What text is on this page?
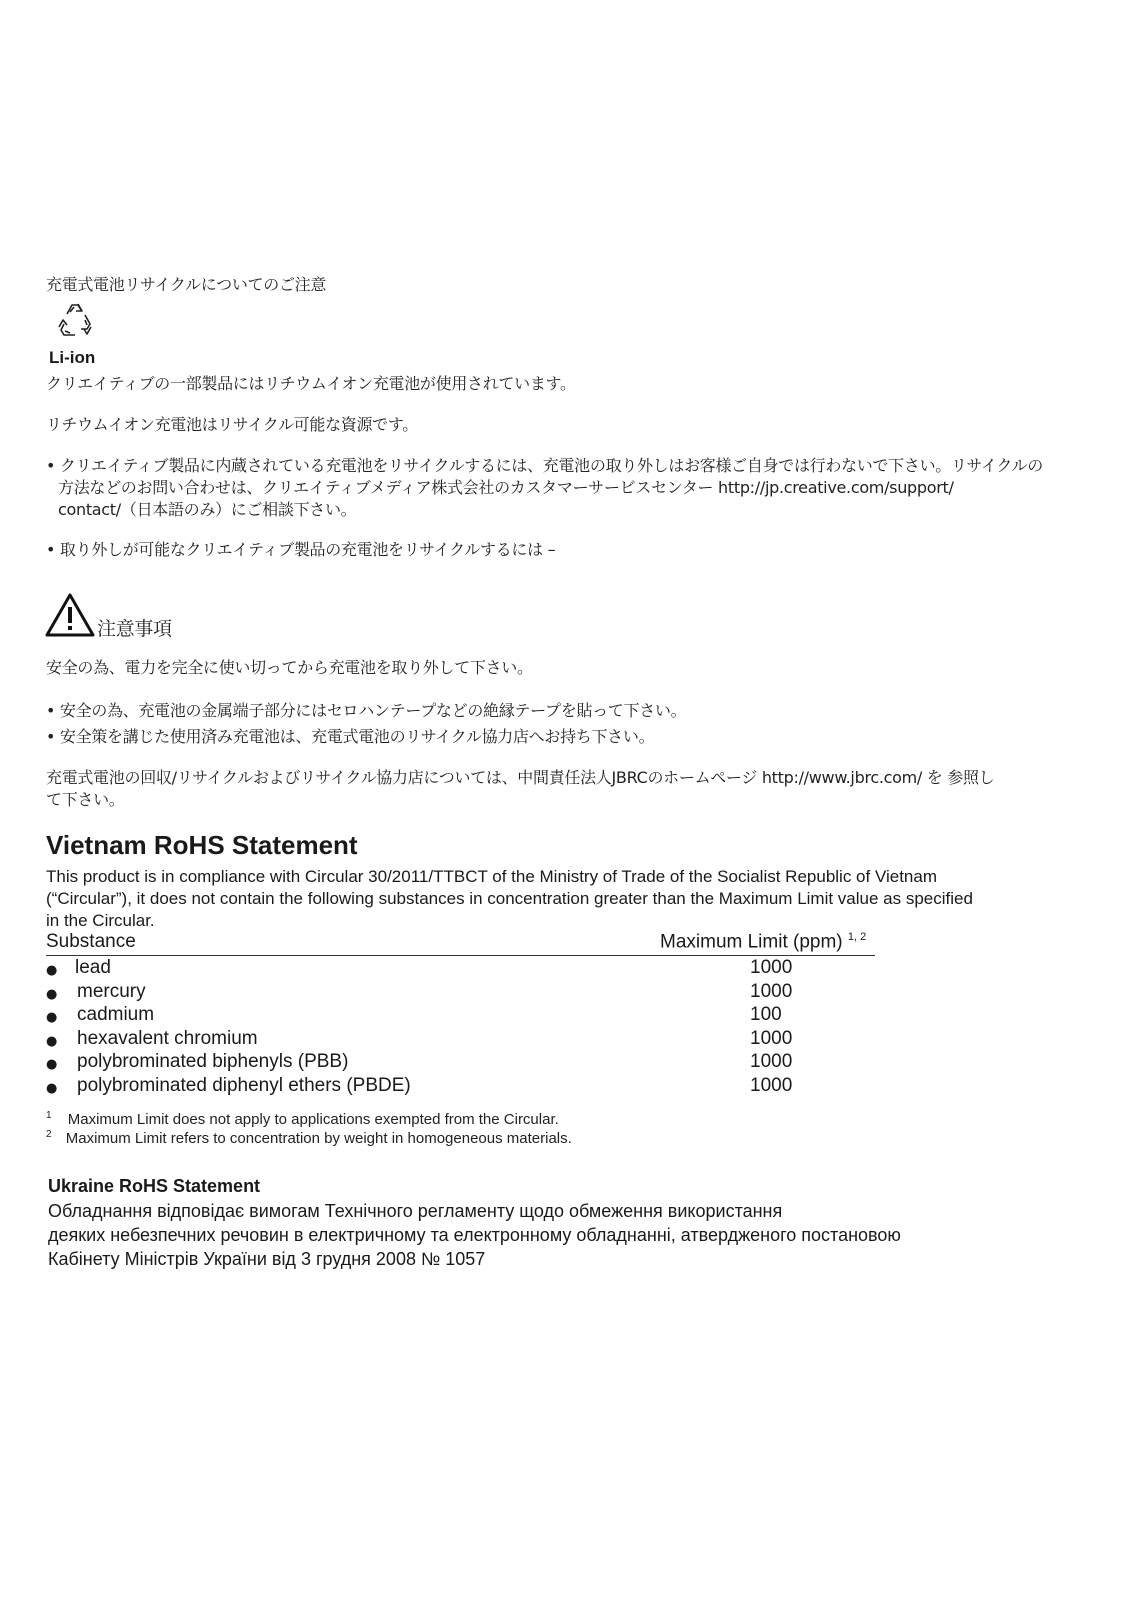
充電式電池リサイクルについてのご注意
Li-ion
クリエイティブの一部製品にはリチウムイオン充電池が使用されています。
リチウムイオン充電池はリサイクル可能な資源です。
• クリエイティブ製品に内蔵されている充電池をリサイクルするには、充電池の取り外しはお客様ご自身では行わないで下さい。リサイクルの
方法などのお問い合わせは、クリエイティブメディア株式会社のカスタマーサービスセンター http://jp.creative.com/support/
contact/（日本語のみ）にご相談下さい。
• 取り外しが可能なクリエイティブ製品の充電池をリサイクルするには –
注意事項
安全の為、電力を完全に使い切ってから充電池を取り外して下さい。
• 安全の為、充電池の金属端子部分にはセロハンテープなどの絶縁テープを貼って下さい。
• 安全策を講じた使用済み充電池は、充電式電池のリサイクル協力店へお持ち下さい。
充電式電池の回収/リサイクルおよびリサイクル協力店については、中間責任法人JBRCのホームページ http://www.jbrc.com/ を 参照し
て下さい。
Vietnam RoHS Statement
This product is in compliance with Circular 30/2011/TTBCT of the Ministry of Trade of the Socialist Republic of Vietnam
(“Circular”), it does not contain the following substances in concentration greater than the Maximum Limit value as specified
in the Circular.
Substance	Maximum Limit (ppm) $^{1, 2}$
● lead	1000
● mercury	1000
● cadmium	100
● hexavalent chromium	1000
● polybrominated biphenyls (PBB)	1000
● polybrominated diphenyl ethers (PBDE)	1000
$^1$ Maximum Limit does not apply to applications exempted from the Circular.
$^2$ Maximum Limit refers to concentration by weight in homogeneous materials.
Ukraine RoHS Statement
Обладнання відповідає вимогам Технічного регламенту щодо обмеження використання
деяких небезпечних речовин в електричному та електронному обладнанні, атвердженого постановою
Кабінету Міністрів України від 3 грудня 2008 № 1057
